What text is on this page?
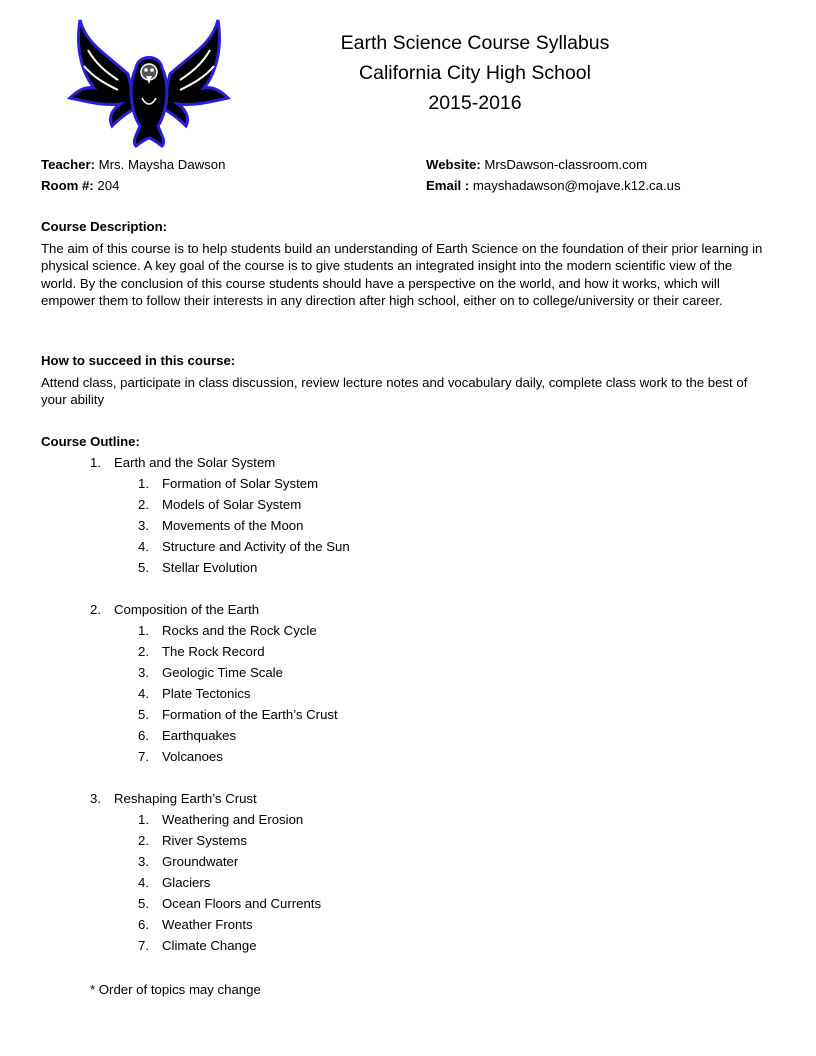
Earth Science Course Syllabus
California City High School
2015-2016
Teacher: Mrs. Maysha Dawson
Room #: 204
Website: MrsDawson-classroom.com
Email : mayshadawson@mojave.k12.ca.us
Course Description:
The aim of this course is to help students build an understanding of Earth Science on the foundation of their prior learning in physical science. A key goal of the course is to give students an integrated insight into the modern scientific view of the world. By the conclusion of this course students should have a perspective on the world, and how it works, which will empower them to follow their interests in any direction after high school, either on to college/university or their career.
How to succeed in this course:
Attend class, participate in class discussion, review lecture notes and vocabulary daily, complete class work to the best of your ability
Course Outline:
1. Earth and the Solar System
1. Formation of Solar System
2. Models of Solar System
3. Movements of the Moon
4. Structure and Activity of the Sun
5. Stellar Evolution
2. Composition of the Earth
1. Rocks and the Rock Cycle
2. The Rock Record
3. Geologic Time Scale
4. Plate Tectonics
5. Formation of the Earth’s Crust
6. Earthquakes
7. Volcanoes
3. Reshaping Earth’s Crust
1. Weathering and Erosion
2. River Systems
3. Groundwater
4. Glaciers
5. Ocean Floors and Currents
6. Weather Fronts
7. Climate Change
* Order of topics may change
